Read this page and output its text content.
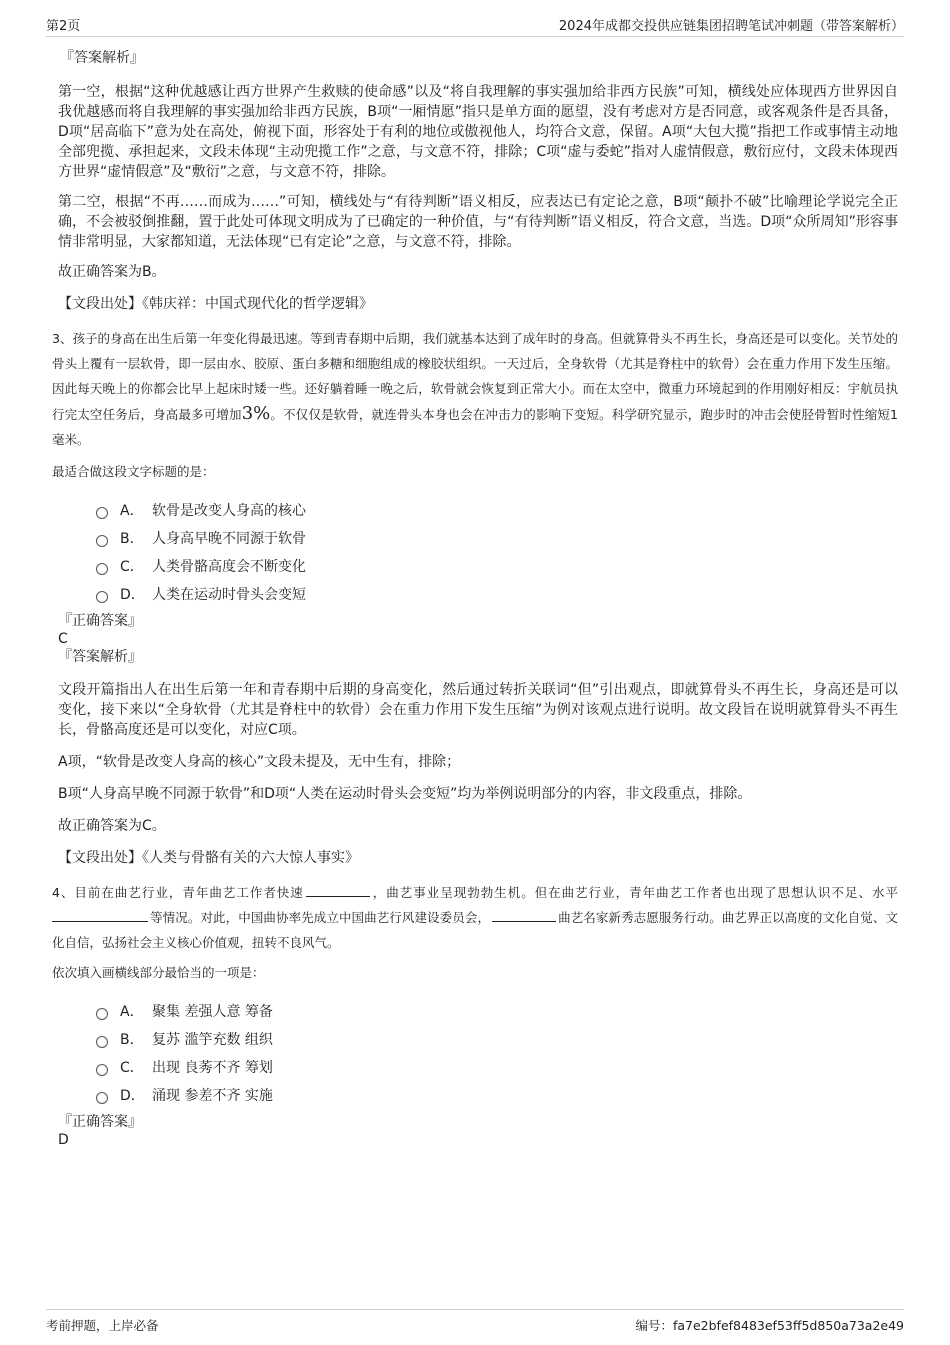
第2页	2024年成都交投供应链集团招聘笔试冲刺题（带答案解析）
『答案解析』

第一空，根据“这种优越感让西方世界产生救赎的使命感”以及“将自我理解的事实强加给非西方民族”可知，横线处应体现西方世界因自我优越感而将自我理解的事实强加给非西方民族，B项“一厢情愿”指只是单方面的愿望，没有考虑对方是否同意，或客观条件是否具备，D项“居高临下”意为处在高处，俯视下面，形容处于有利的地位或傲视他人，均符合文意，保留。A项“大包大揽”指把工作或事情主动地全部兜揽、承担起来，文段未体现“主动兜揽工作”之意，与文意不符，排除；C项“虚与委蛇”指对人虚情假意，敷衍应付，文段未体现西方世界“虚情假意”及“敷衍”之意，与文意不符，排除。

第二空，根据“不再……而成为……”可知，横线处与“有待判断”语义相反，应表达已有定论之意，B项“颠扑不破”比喻理论学说完全正确，不会被驳倒推翻，置于此处可体现文明成为了已确定的一种价值，与“有待判断”语义相反，符合文意，当选。D项“众所周知”形容事情非常明显，大家都知道，无法体现“已有定论”之意，与文意不符，排除。

故正确答案为B。

【文段出处】《韩庆祥：中国式现代化的哲学逻辑》

3、孩子的身高在出生后第一年变化得最迅速。等到青春期中后期，我们就基本达到了成年时的身高。但就算骨头不再生长，身高还是可以变化。关节处的骨头上覆有一层软骨，即一层由水、胶原、蛋白多糖和细胞组成的橡胶状组织。一天过后，全身软骨（尤其是脊柱中的软骨）会在重力作用下发生压缩。因此每天晚上的你都会比早上起床时矮一些。还好躺着睡一晚之后，软骨就会恢复到正常大小。而在太空中，微重力环境起到的作用刚好相反：宇航员执行完太空任务后，身高最多可增加3%。不仅仅是软骨，就连骨头本身也会在冲击力的影响下变短。科学研究显示，跑步时的冲击会使胫骨暂时性缩短1毫米。

最适合做这段文字标题的是：

A． 软骨是改变人身高的核心
B． 人身高早晚不同源于软骨
C． 人类骨骼高度会不断变化
D． 人类在运动时骨头会变短
『正确答案』
C
『答案解析』

文段开篇指出人在出生后第一年和青春期中后期的身高变化，然后通过转折关联词“但”引出观点，即就算骨头不再生长，身高还是可以变化，接下来以“全身软骨（尤其是脊柱中的软骨）会在重力作用下发生压缩”为例对该观点进行说明。故文段旨在说明就算骨头不再生长，骨骼高度还是可以变化，对应C项。

A项，“软骨是改变人身高的核心”文段未提及，无中生有，排除；

B项“人身高早晚不同源于软骨”和D项“人类在运动时骨头会变短”均为举例说明部分的内容，非文段重点，排除。

故正确答案为C。

【文段出处】《人类与骨骼有关的六大惊人事实》

4、目前在曲艺行业，青年曲艺工作者快速	，曲艺事业呈现勃勃生机。但在曲艺行业，青年曲艺工作者也出现了思想认识不足、水平等情况。对此，中国曲协率先成立中国曲艺行风建设委员会，	曲艺名家新秀志愿服务行动。曲艺界正以高度的文化自觉、文化自信，弘扬社会主义核心价值观，扭转不良风气。

依次填入画横线部分最恰当的一项是：

A． 聚集 差强人意 筹备
B． 复苏 滥竽充数 组织
C． 出现 良莠不齐 筹划
D． 涌现 参差不齐 实施
『正确答案』
D
考前押题，上岸必备	编号：fa7e2bfef8483ef53ff5d850a73a2e49
